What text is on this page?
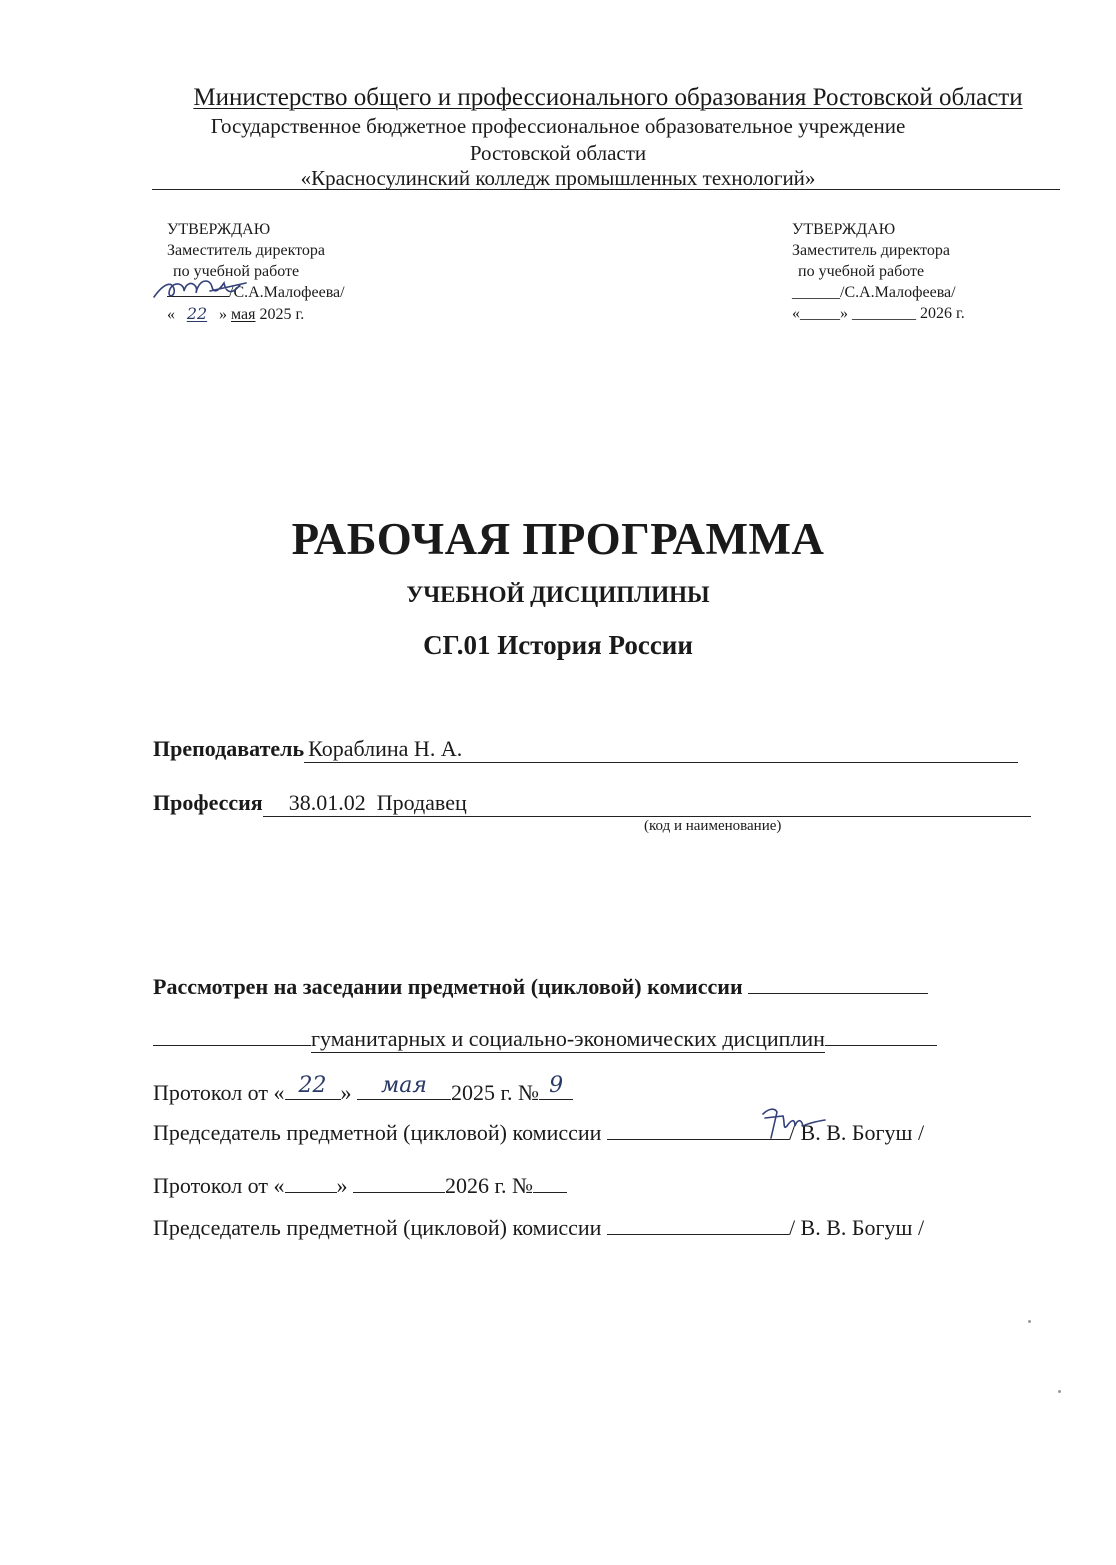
Министерство общего и профессионального образования Ростовской области
Государственное бюджетное профессиональное образовательное учреждение
Ростовской области
«Красносулинский колледж промышленных технологий»
УТВЕРЖДАЮ
Заместитель директора
по учебной работе
/С.А.Малофеева/
« 22 » мая 2025 г.
УТВЕРЖДАЮ
Заместитель директора
по учебной работе
______/С.А.Малофеева/
«_____» ________ 2026 г.
РАБОЧАЯ ПРОГРАММА
УЧЕБНОЙ ДИСЦИПЛИНЫ
СГ.01 История России
Преподаватель Кораблина Н. А.
Профессия 38.01.02  Продавец
(код и наименование)
Рассмотрен на заседании предметной (цикловой) комиссии
гуманитарных и социально-экономических дисциплин
Протокол от « 22 »	мая	2025 г. № 9
Председатель предметной (цикловой) комиссии	/ В. В. Богуш /
Протокол от « »	2026 г. №
Председатель предметной (цикловой) комиссии	/ В. В. Богуш /
